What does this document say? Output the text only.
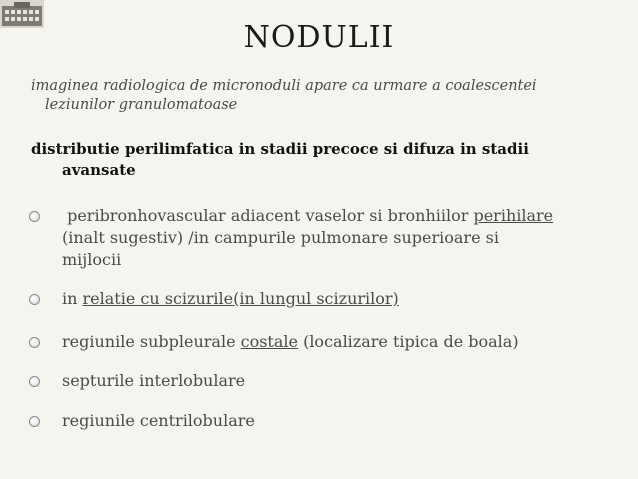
NODULII
imaginea radiologica de micronoduli apare ca urmare a coalescentei
leziunilor granulomatoase
distributie perilimfatica in stadii precoce si difuza in stadii
avansate
peribronhovascular adiacent vaselor si bronhiilor perihilare
(inalt sugestiv) /in campurile pulmonare superioare si
mijlocii
in relatie cu scizurile(in lungul scizurilor)
regiunile subpleurale costale (localizare tipica de boala)
septurile interlobulare
regiunile centrilobulare
